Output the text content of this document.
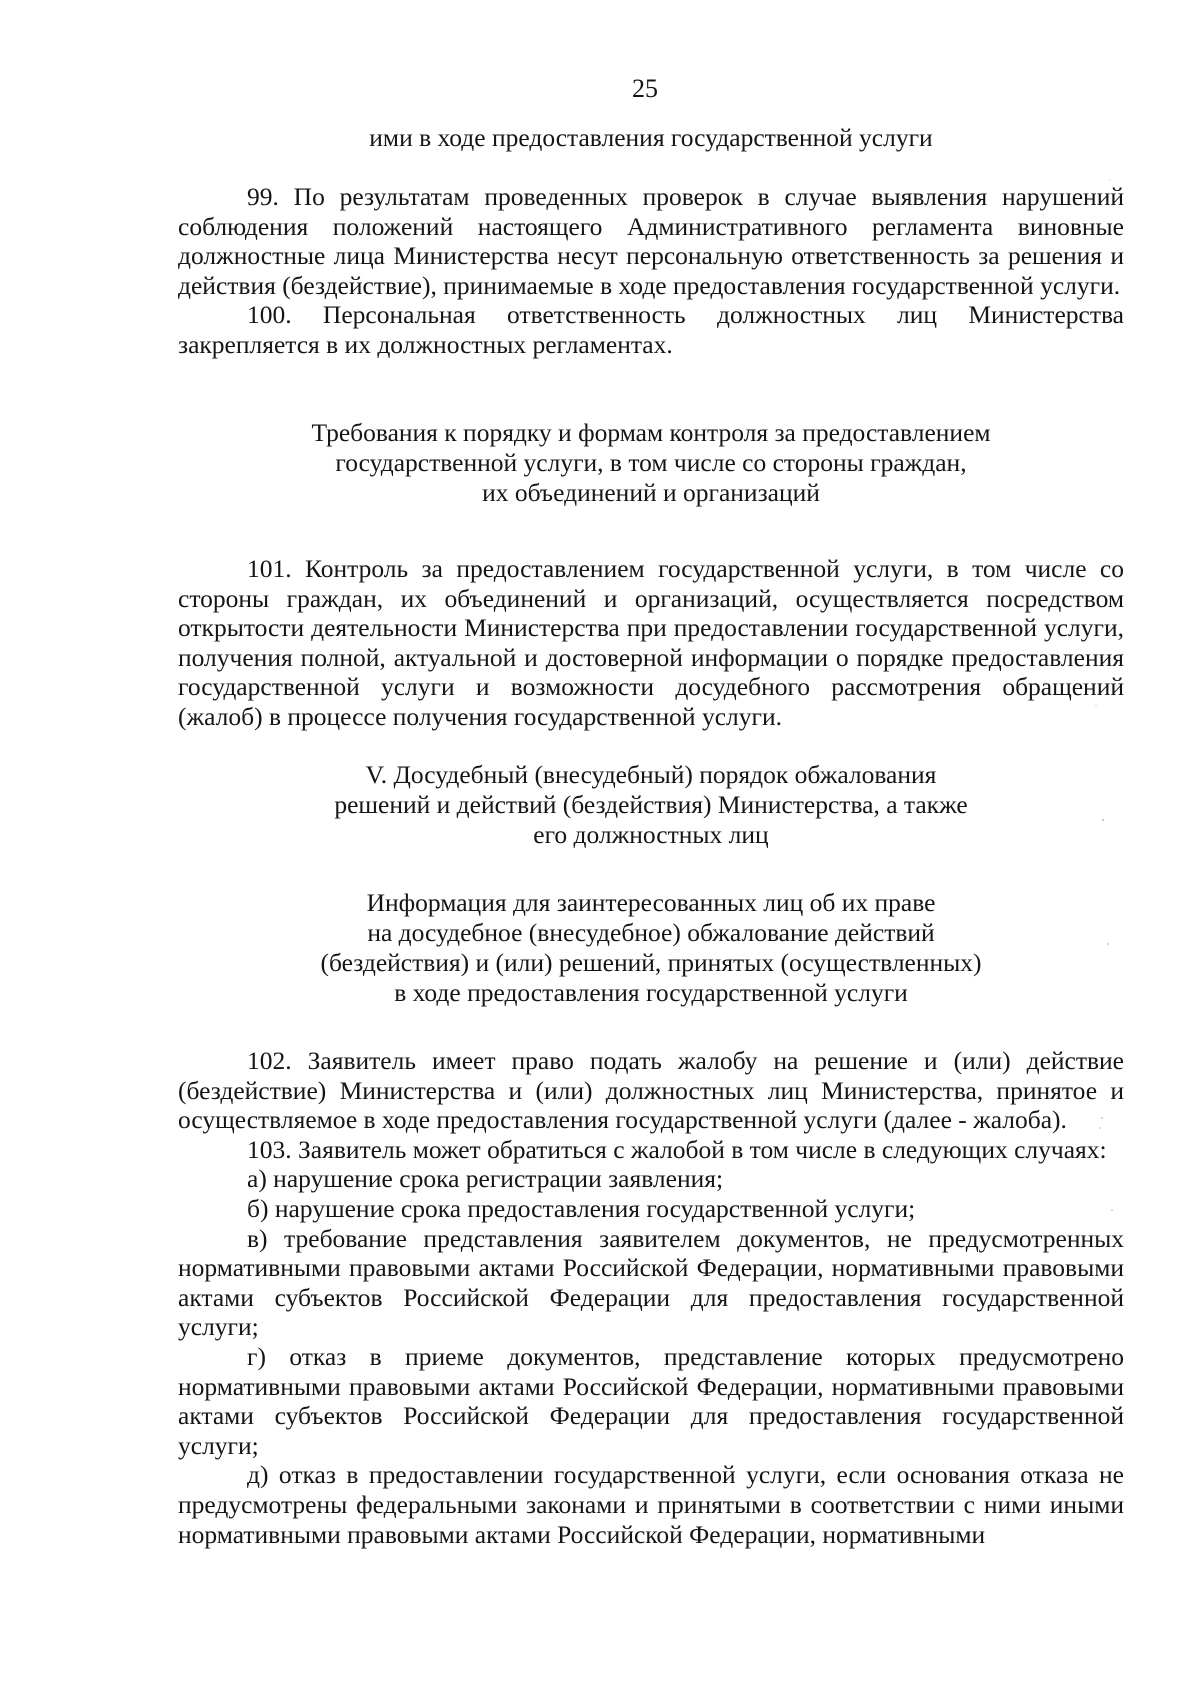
25
ими в ходе предоставления государственной услуги

99. По результатам проведенных проверок в случае выявления нарушений соблюдения положений настоящего Административного регламента виновные должностные лица Министерства несут персональную ответственность за решения и действия (бездействие), принимаемые в ходе предоставления государственной услуги.

100. Персональная ответственность должностных лиц Министерства закрепляется в их должностных регламентах.

Требования к порядку и формам контроля за предоставлением
государственной услуги, в том числе со стороны граждан,
их объединений и организаций

101. Контроль за предоставлением государственной услуги, в том числе со стороны граждан, их объединений и организаций, осуществляется посредством открытости деятельности Министерства при предоставлении государственной услуги, получения полной, актуальной и достоверной информации о порядке предоставления государственной услуги и возможности досудебного рассмотрения обращений (жалоб) в процессе получения государственной услуги.

V. Досудебный (внесудебный) порядок обжалования
решений и действий (бездействия) Министерства, а также
его должностных лиц
Информация для заинтересованных лиц об их праве
на досудебное (внесудебное) обжалование действий
(бездействия) и (или) решений, принятых (осуществленных)
в ходе предоставления государственной услуги

102. Заявитель имеет право подать жалобу на решение и (или) действие (бездействие) Министерства и (или) должностных лиц Министерства, принятое и осуществляемое в ходе предоставления государственной услуги (далее - жалоба).

103. Заявитель может обратиться с жалобой в том числе в следующих случаях:

а) нарушение срока регистрации заявления;

б) нарушение срока предоставления государственной услуги;

в) требование представления заявителем документов, не предусмотренных нормативными правовыми актами Российской Федерации, нормативными правовыми актами субъектов Российской Федерации для предоставления государственной услуги;

г) отказ в приеме документов, представление которых предусмотрено нормативными правовыми актами Российской Федерации, нормативными правовыми актами субъектов Российской Федерации для предоставления государственной услуги;

д) отказ в предоставлении государственной услуги, если основания отказа не предусмотрены федеральными законами и принятыми в соответствии с ними иными нормативными правовыми актами Российской Федерации, нормативными
